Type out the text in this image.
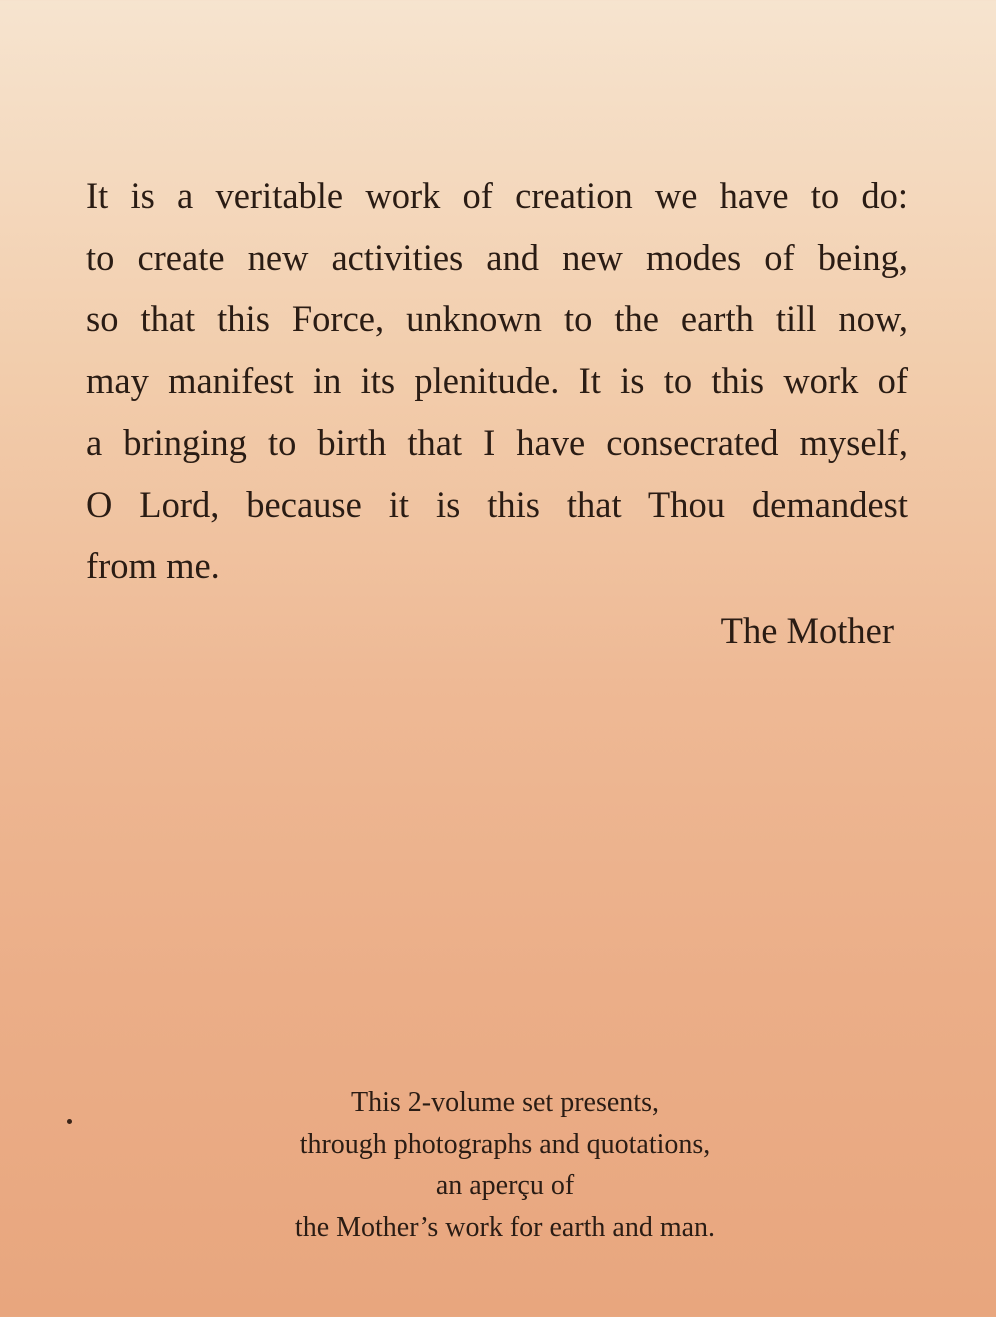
It is a veritable work of creation we have to do:
to create new activities and new modes of being,
so that this Force, unknown to the earth till now,
may manifest in its plenitude. It is to this work of
a bringing to birth that I have consecrated myself,
O Lord, because it is this that Thou demandest
from me.

The Mother

This 2-volume set presents,
through photographs and quotations,
an aperçu of
the Mother’s work for earth and man.
